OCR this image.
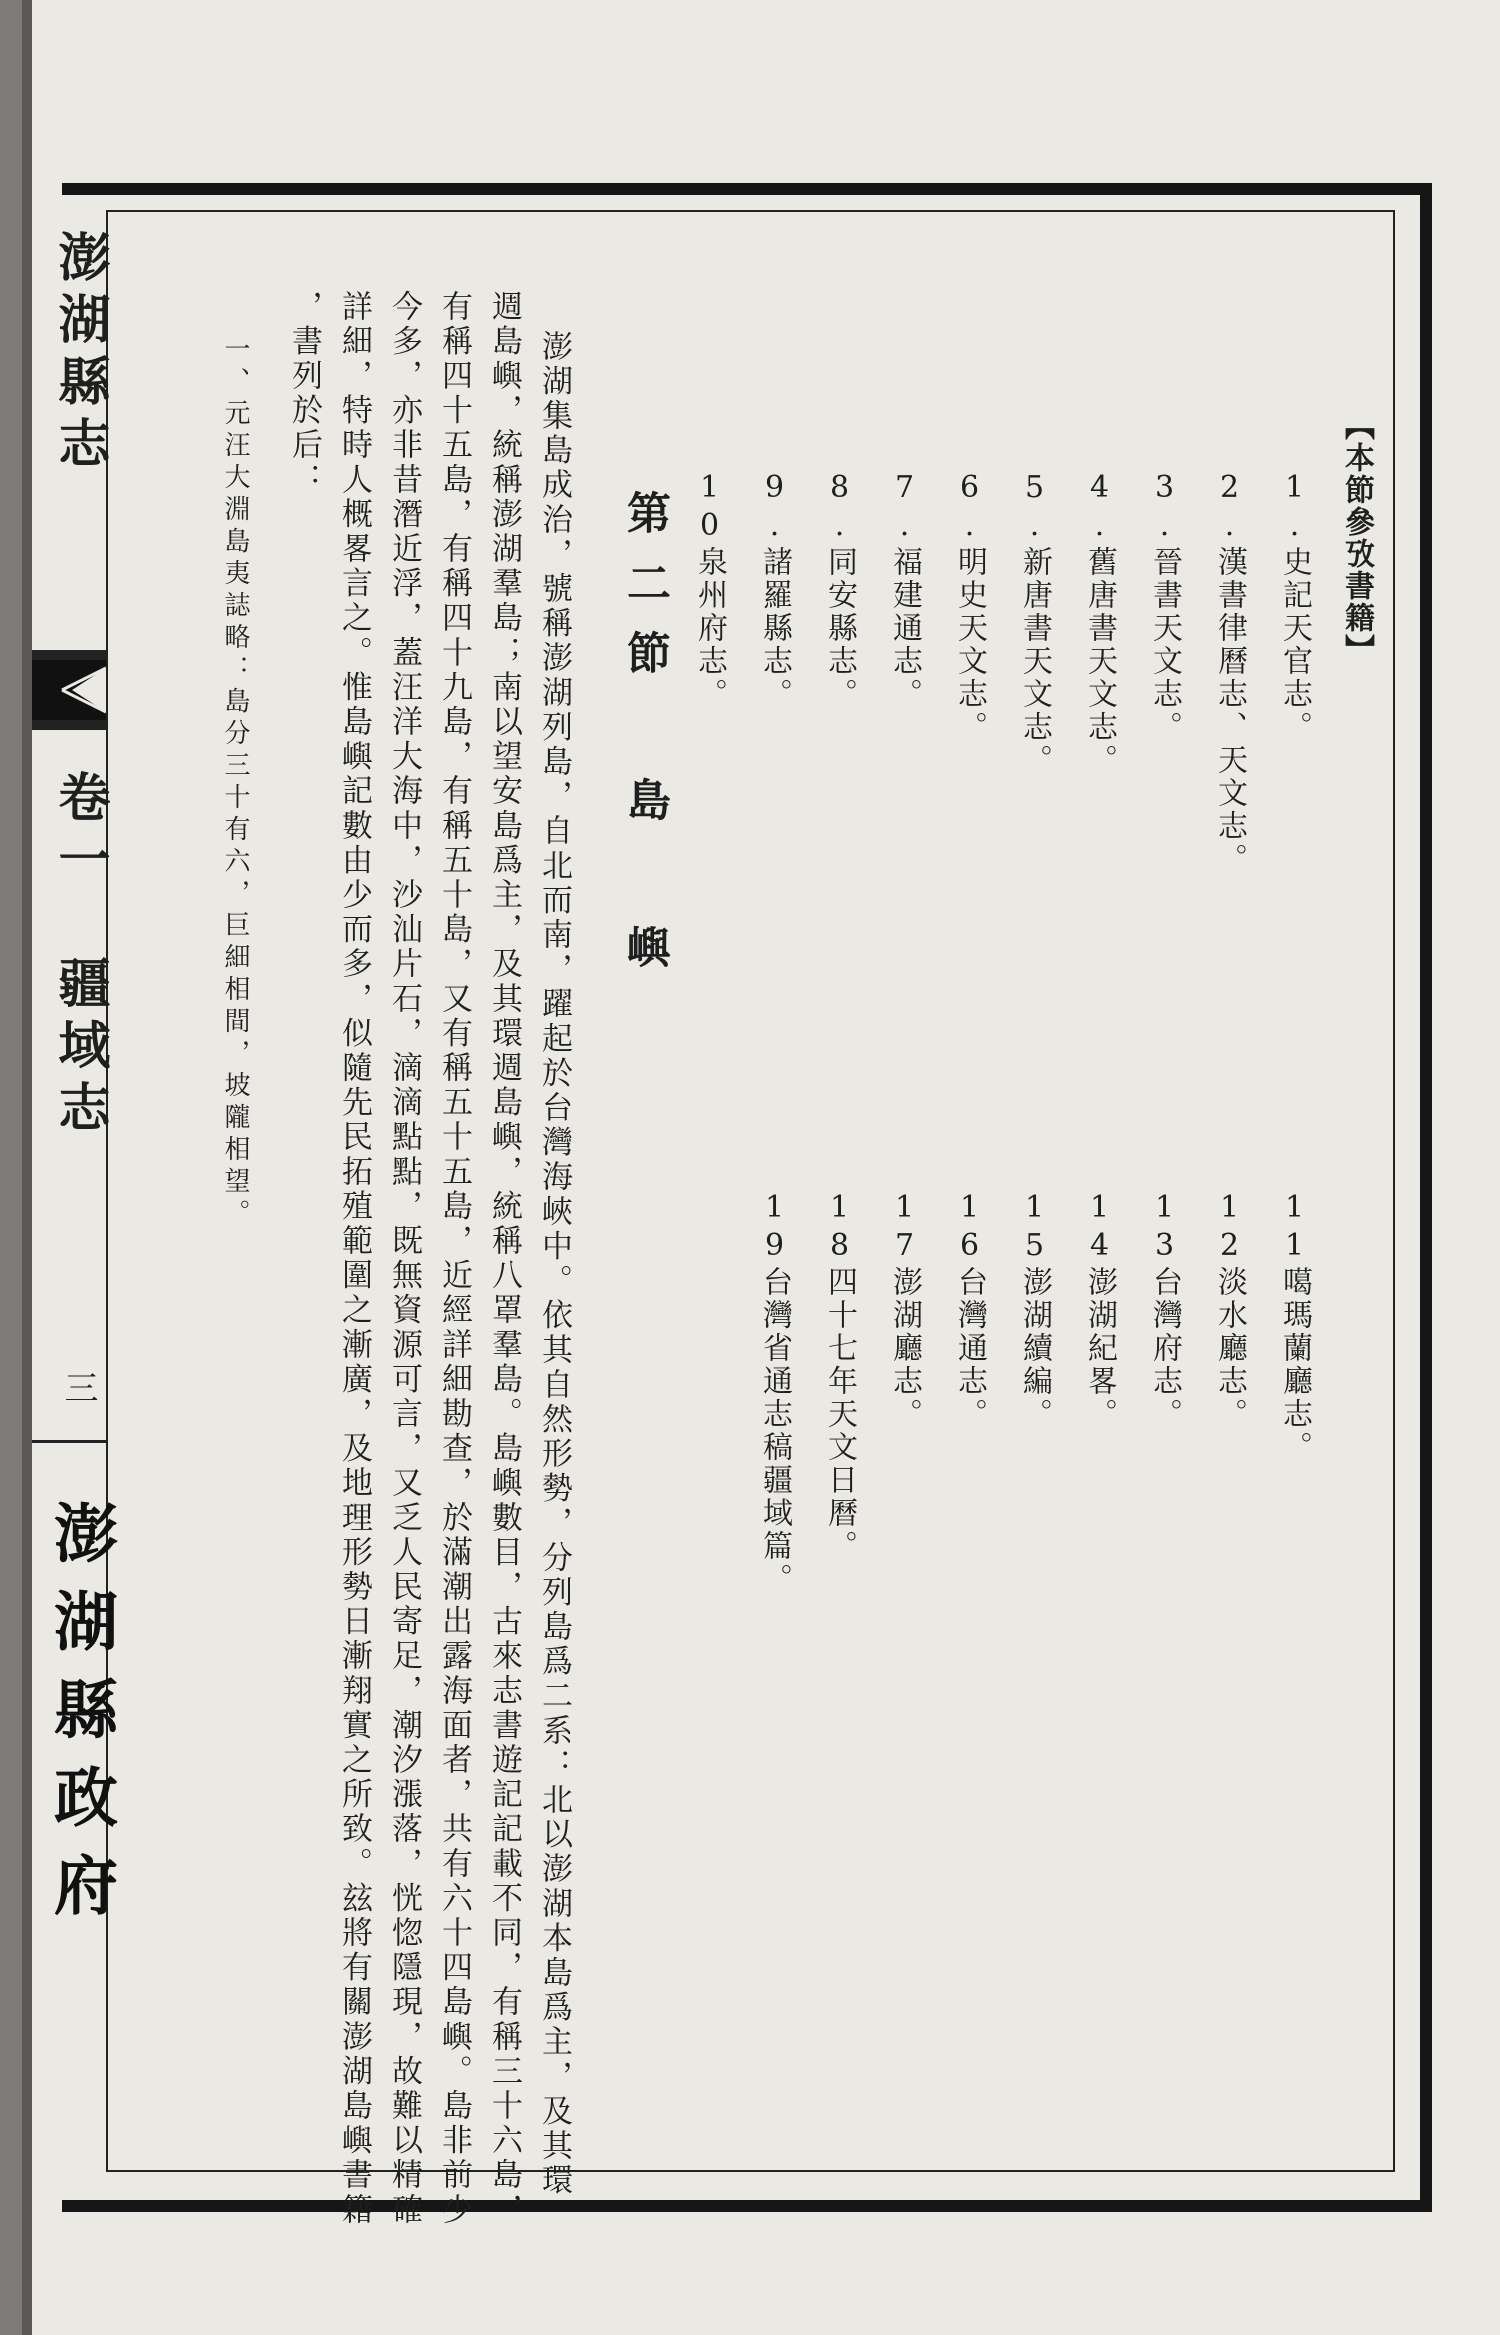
澎湖縣志
卷一　疆域志
三
澎湖縣政府
【本節參攷書籍】
1.史記天官志。
2.漢書律曆志、天文志。
3.晉書天文志。
4.舊唐書天文志。
5.新唐書天文志。
6.明史天文志。
7.福建通志。
8.同安縣志。
9.諸羅縣志。
10泉州府志。
11噶瑪蘭廳志。
12淡水廳志。
13台灣府志。
14澎湖紀畧。
15澎湖續編。
16台灣通志。
17澎湖廳志。
18四十七年天文日曆。
19台灣省通志稿疆域篇。
第二節 島 嶼
澎湖集島成治，號稱澎湖列島，自北而南，躍起於台灣海峽中。依其自然形勢，分列島爲二系：北以澎湖本島爲主，及其環
週島嶼，統稱澎湖羣島；南以望安島爲主，及其環週島嶼，統稱八罩羣島。島嶼數目，古來志書遊記記載不同，有稱三十六島，
有稱四十五島，有稱四十九島，有稱五十島，又有稱五十五島，近經詳細勘查，於滿潮出露海面者，共有六十四島嶼。島非前少
今多，亦非昔潛近浮，蓋汪洋大海中，沙汕片石，滴滴點點，既無資源可言，又乏人民寄足，潮汐漲落，恍惚隱現，故難以精確
詳細，特時人概畧言之。惟島嶼記數由少而多，似隨先民拓殖範圍之漸廣，及地理形勢日漸翔實之所致。玆將有關澎湖島嶼書籍
，書列於后：
一、元汪大淵島夷誌略：島分三十有六，巨細相間，坡隴相望。
